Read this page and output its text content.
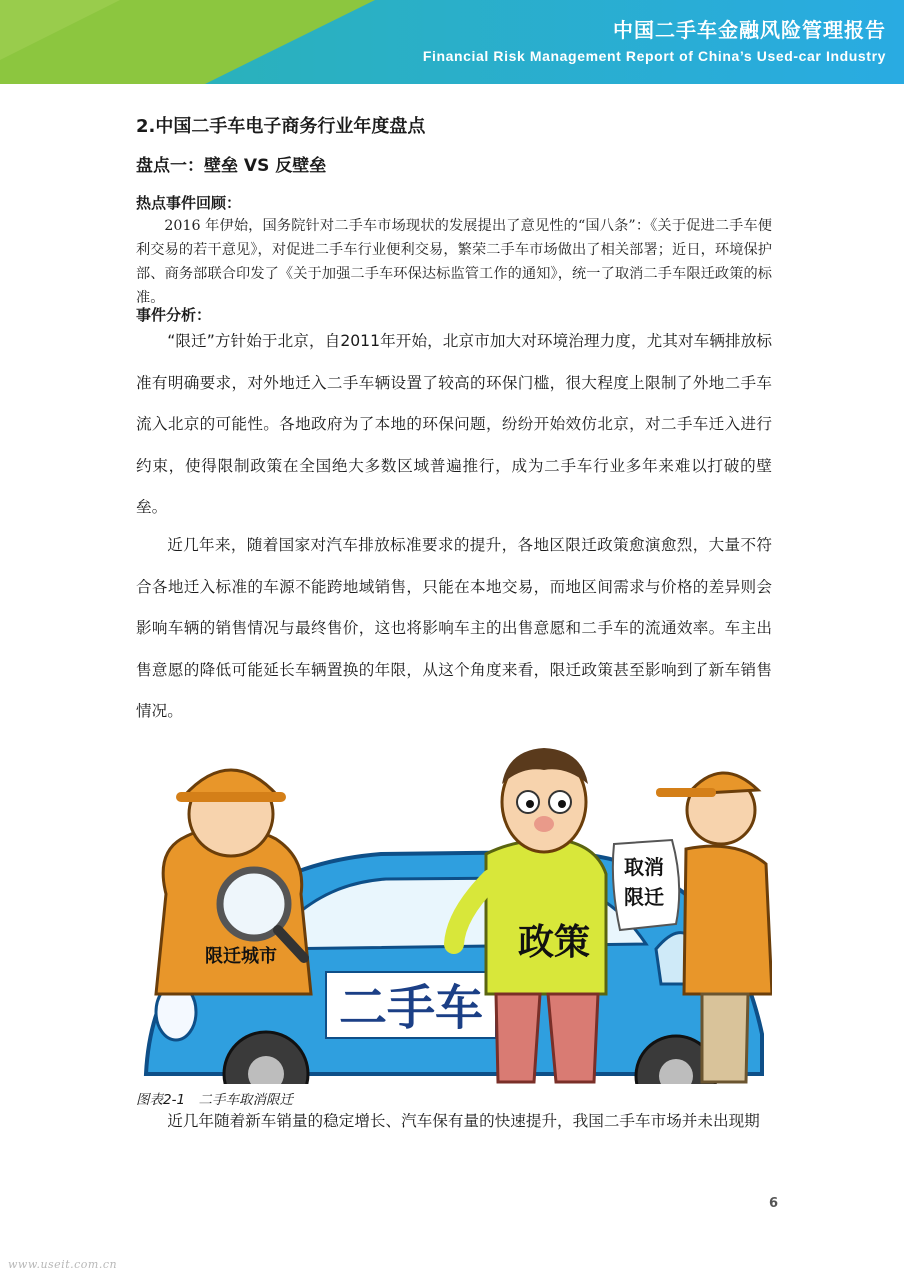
中国二手车金融风险管理报告
Financial Risk Management Report of China’s Used-car Industry
2.中国二手车电子商务行业年度盘点
盘点一：壁垒 VS 反壁垒
热点事件回顾：
2016 年伊始，国务院针对二手车市场现状的发展提出了意见性的“国八条”：《关于促进二手车便利交易的若干意见》，对促进二手车行业便利交易，繁荣二手车市场做出了相关部署；近日，环境保护部、商务部联合印发了《关于加强二手车环保达标监管工作的通知》，统一了取消二手车限迁政策的标准。
事件分析：
“限迁”方针始于北京，自2011年开始，北京市加大对环境治理力度，尤其对车辆排放标准有明确要求，对外地迁入二手车辆设置了较高的环保门槛，很大程度上限制了外地二手车流入北京的可能性。各地政府为了本地的环保问题，纷纷开始效仿北京，对二手车迁入进行约束，使得限制政策在全国绝大多数区域普遍推行，成为二手车行业多年来难以打破的壁垒。
近几年来，随着国家对汽车排放标准要求的提升，各地区限迁政策愈演愈烈，大量不符合各地迁入标准的车源不能跨地域销售，只能在本地交易，而地区间需求与价格的差异则会影响车辆的销售情况与最终售价，这也将影响车主的出售意愿和二手车的流通效率。车主出售意愿的降低可能延长车辆置换的年限，从这个角度来看，限迁政策甚至影响到了新车销售情况。
二手车
限迁城市	政策
取消
限迁
图表2-1　二手车取消限迁
近几年随着新车销量的稳定增长、汽车保有量的快速提升，我国二手车市场并未出现期
6
www.useit.com.cn
